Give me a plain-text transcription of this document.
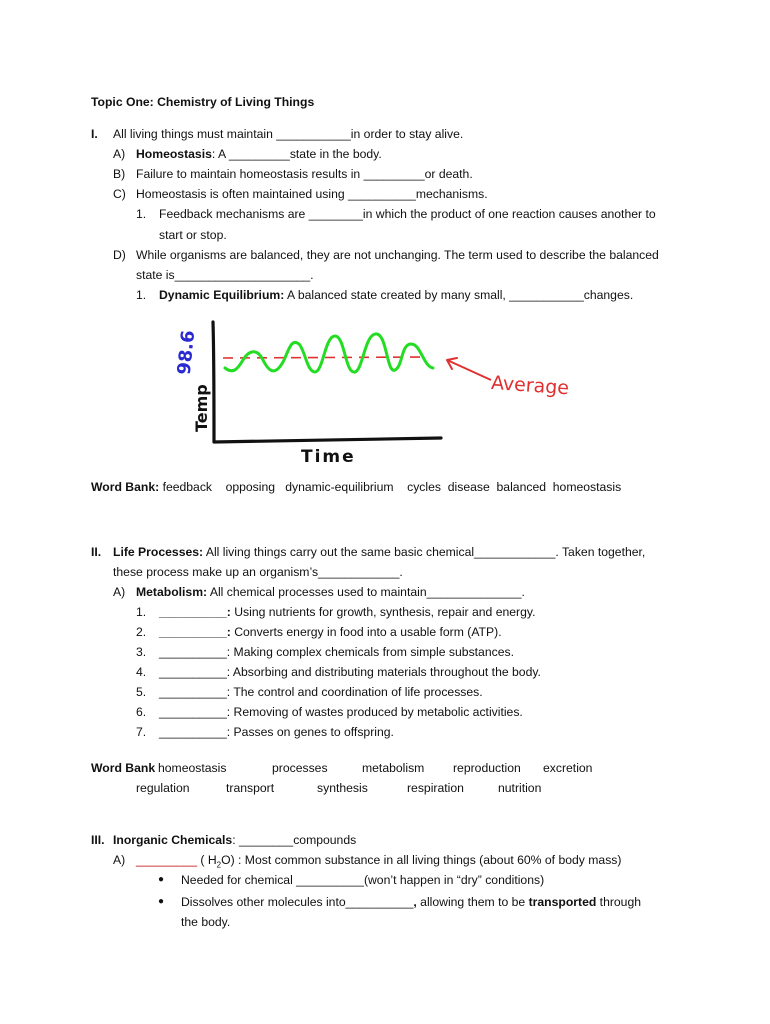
Topic One: Chemistry of Living Things
I. All living things must maintain ___________in order to stay alive.
A) Homeostasis: A _________state in the body.
B) Failure to maintain homeostasis results in _________or death.
C) Homeostasis is often maintained using __________mechanisms.
1. Feedback mechanisms are ________in which the product of one reaction causes another to
start or stop.
D) While organisms are balanced, they are not unchanging. The term used to describe the balanced
state is____________________.
1. Dynamic Equilibrium: A balanced state created by many small, ___________changes.
98.6
Temp
Time
Average
Word Bank: feedback    opposing   dynamic-equilibrium    cycles  disease  balanced  homeostasis
II. Life Processes: All living things carry out the same basic chemical____________. Taken together,
these process make up an organism’s____________.
A) Metabolism: All chemical processes used to maintain______________.
1. __________: Using nutrients for growth, synthesis, repair and energy.
2. __________: Converts energy in food into a usable form (ATP).
3. __________: Making complex chemicals from simple substances.
4. __________: Absorbing and distributing materials throughout the body.
5. __________: The control and coordination of life processes.
6. __________: Removing of wastes produced by metabolic activities.
7. __________: Passes on genes to offspring.
Word Bank homeostasis	processes	metabolism reproduction excretion
regulation	transport	synthesis	respiration	nutrition
III. Inorganic Chemicals: ________compounds
A) _________ ( $H_2O$) : Most common substance in all living things (about 60% of body mass)
● Needed for chemical __________(won’t happen in “dry” conditions)
● Dissolves other molecules into__________, allowing them to be transported through
the body.
